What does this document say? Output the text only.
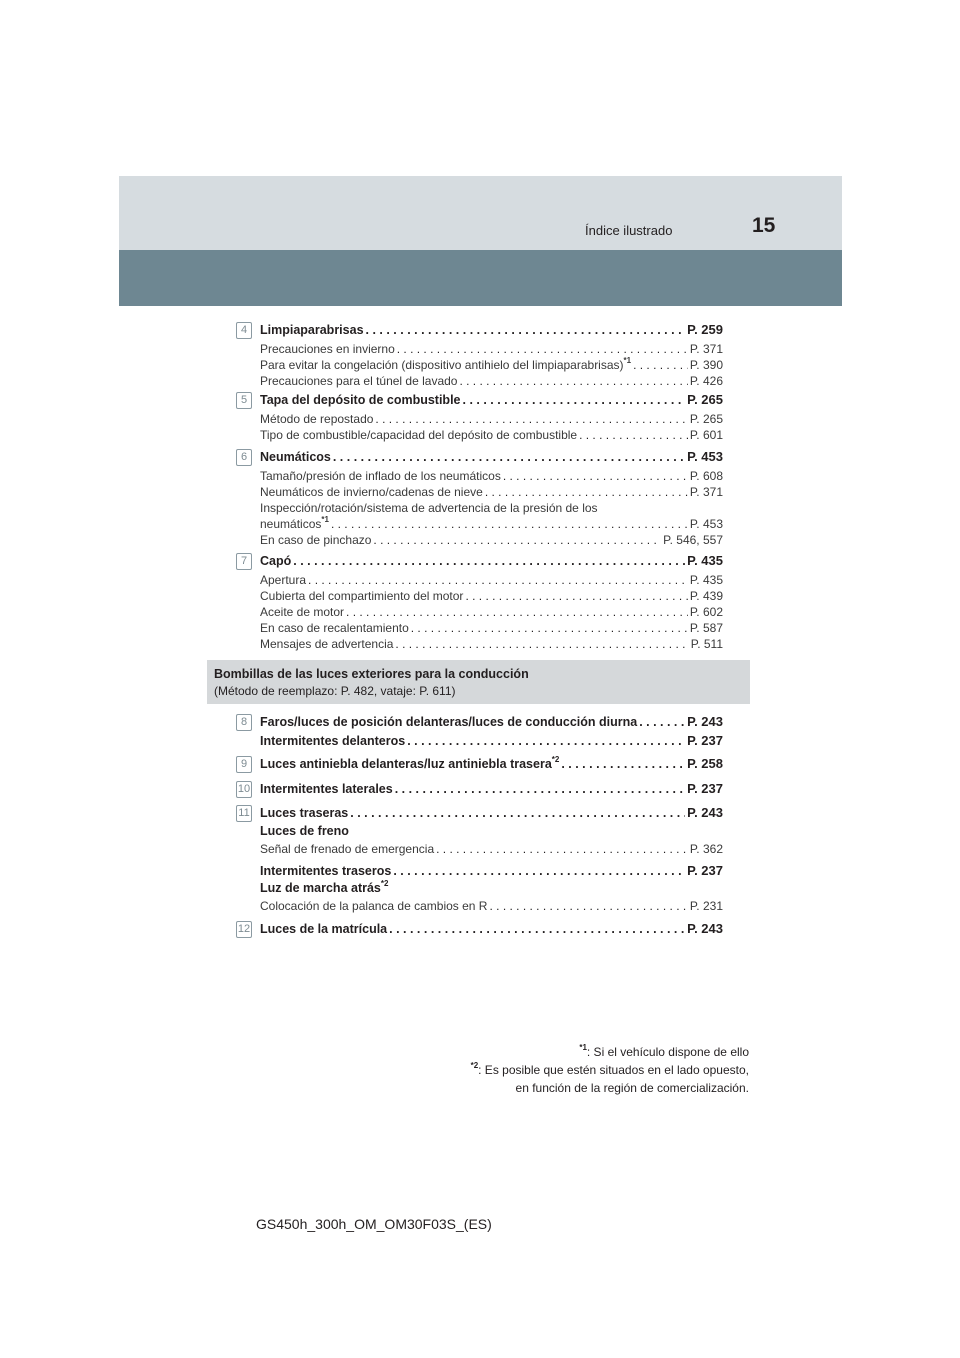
Índice ilustrado	15
4	Limpiaparabrisas . . .	P. 259
Precauciones en invierno . . .	P. 371
Para evitar la congelación (dispositivo antihielo del limpiaparabrisas)$^{*1}$ . . .	P. 390
Precauciones para el túnel de lavado . . .	P. 426
5	Tapa del depósito de combustible . . .	P. 265
Método de repostado . . .	P. 265
Tipo de combustible/capacidad del depósito de combustible . . .	P. 601
6	Neumáticos . . .	P. 453
Tamaño/presión de inflado de los neumáticos . . .	P. 608
Neumáticos de invierno/cadenas de nieve . . .	P. 371
Inspección/rotación/sistema de advertencia de la presión de los
neumáticos$^{*1}$ . . .	P. 453
En caso de pinchazo . . .	P. 546, 557
7	Capó . . .	P. 435
Apertura . . .	P. 435
Cubierta del compartimiento del motor . . .	P. 439
Aceite de motor . . .	P. 602
En caso de recalentamiento . . .	P. 587
Mensajes de advertencia . . .	P. 511
Bombillas de las luces exteriores para la conducción
(Método de reemplazo: P. 482, vataje: P. 611)
8	Faros/luces de posición delanteras/luces de conducción diurna . . .	P. 243
Intermitentes delanteros . . .	P. 237
9	Luces antiniebla delanteras/luz antiniebla trasera$^{*2}$ . . .	P. 258
10 Intermitentes laterales . . .	P. 237
11 Luces traseras . . .	P. 243
Luces de freno
Señal de frenado de emergencia . . .	P. 362
Intermitentes traseros . . .	P. 237
Luz de marcha atrás$^{*2}$
Colocación de la palanca de cambios en R . . .	P. 231
12 Luces de la matrícula . . .	P. 243
$^{*1}$: Si el vehículo dispone de ello
$^{*2}$: Es posible que estén situados en el lado opuesto,
en función de la región de comercialización.
GS450h_300h_OM_OM30F03S_(ES)
